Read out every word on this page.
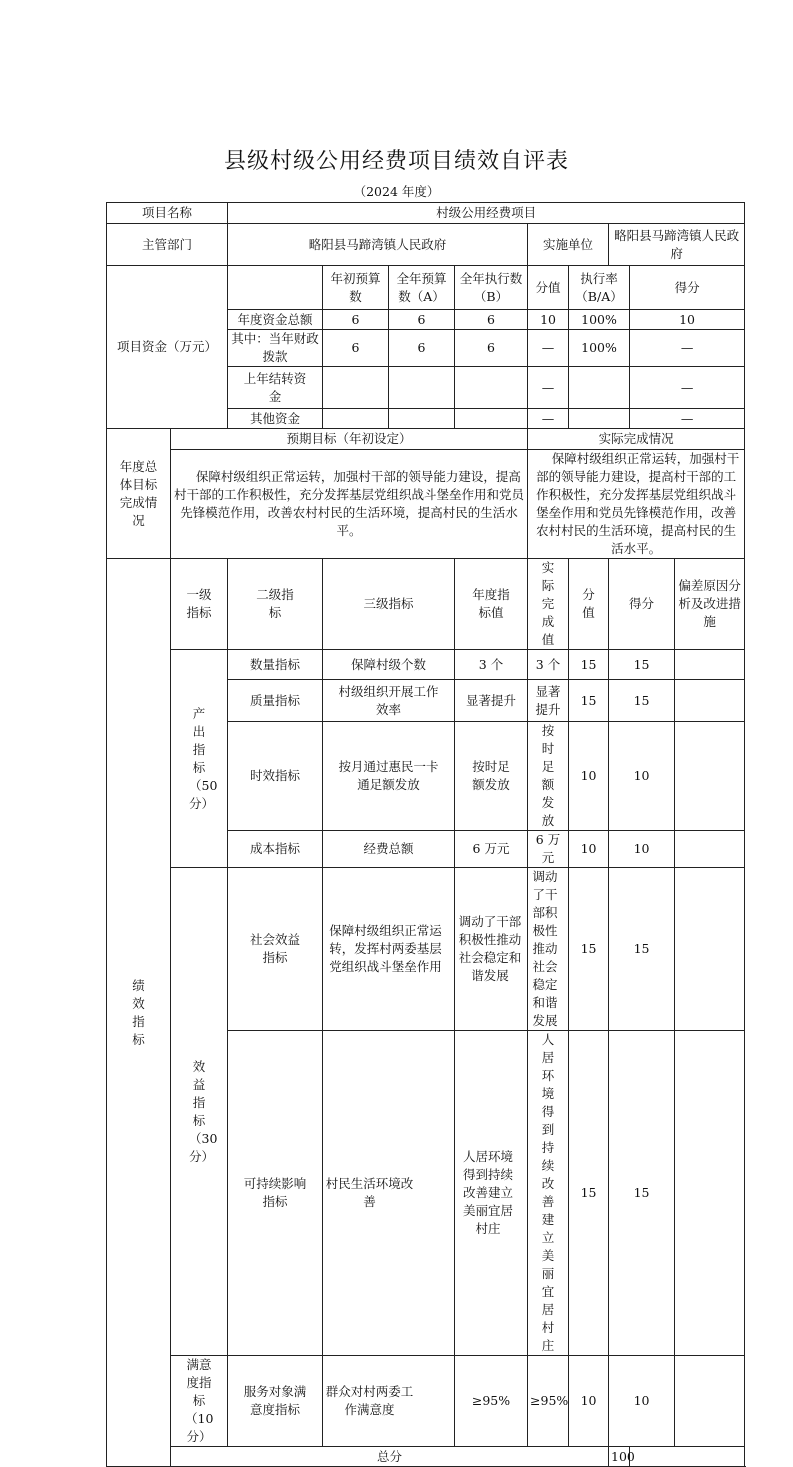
县级村级公用经费项目绩效自评表
（2024 年度）
项目名称		村级公用经费项目								
主管部门		略阳县马蹄湾镇人民政府				实施单位		略阳县马蹄湾镇人民政府		
项目资金（万元）			年初预算数	全年预算数（A）	全年执行数（B）	分值	执行率（B/A）		得分	
		年度资金总额	6	6	6	10	100%		10	
		其中：当年财政拨款	6	6	6	—	100%		—	
		上年结转资金				—			—	
		其他资金				—			—	
年度总体目标完成情况	预期目标（年初设定）					实际完成情况				
	保障村级组织正常运转，加强村干部的领导能力建设，提高村干部的工作积极性，充分发挥基层党组织战斗堡垒作用和党员先锋模范作用，改善农村村民的生活环境，提高村民的生活水平。					保障村级组织正常运转，加强村干部的领导能力建设，提高村干部的工作积极性，充分发挥基层党组织战斗堡垒作用和党员先锋模范作用，改善农村村民的生活环境，提高村民的生活水平。				
绩效指标	一级指标	二级指标	三级指标		年度指标值	实际完成值	分值	得分		偏差原因分析及改进措施
	产出指标（50分）	数量指标	保障村级个数		3 个	3 个	15	15		
		质量指标	村级组织开展工作效率		显著提升	显著提升	15	15		
		时效指标	按月通过惠民一卡通足额发放		按时足额发放	按时足额发放	10	10		
		成本指标	经费总额		6 万元	6 万元	10	10		
	效益指标（30分）	社会效益指标	保障村级组织正常运转，发挥村两委基层党组织战斗堡垒作用		调动了干部积极性推动社会稳定和谐发展	调动了干部积极性推动社会稳定和谐发展	15	15		
		可持续影响指标	村民生活环境改善		人居环境得到持续改善建立美丽宜居村庄	人居环境得到持续改善建立美丽宜居村庄	15	15		
	满意度指标（10分）	服务对象满意度指标	群众对村两委工作满意度		≥95%	≥95%	10	10		
	总分							100		
